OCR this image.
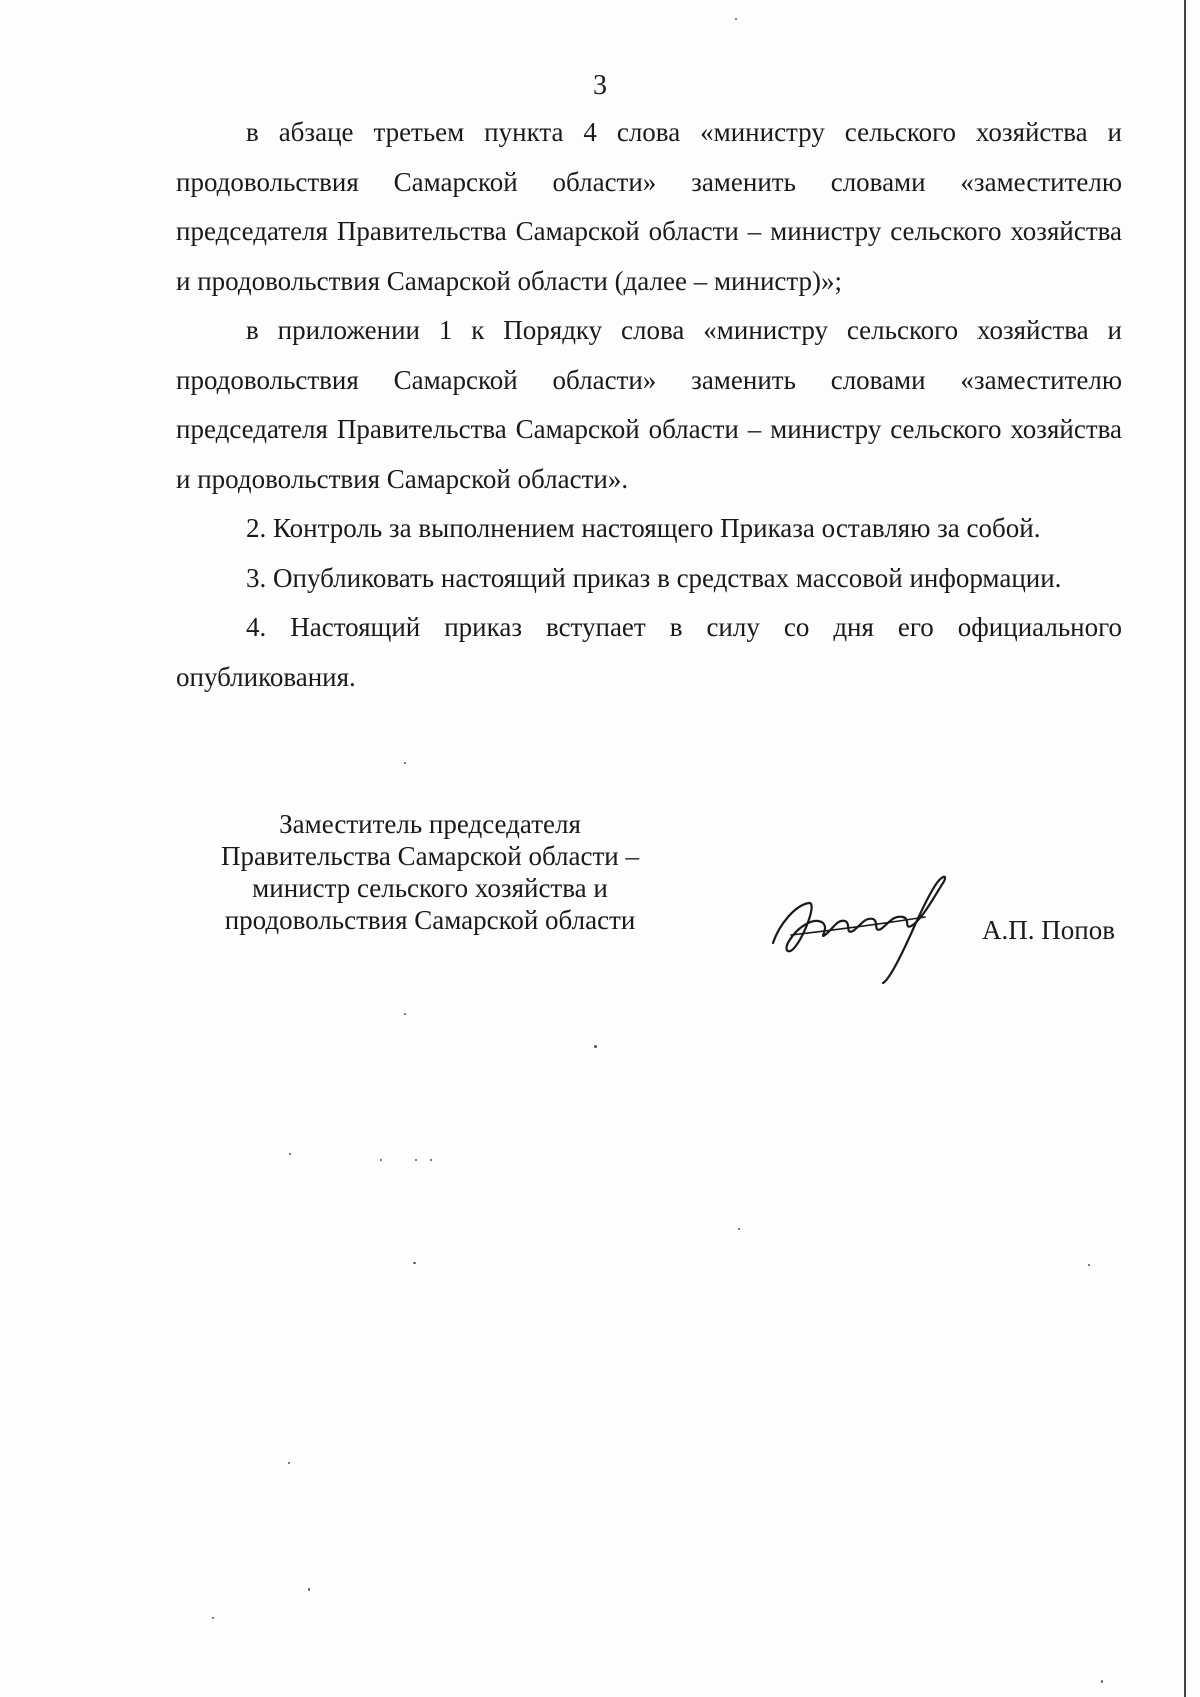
3

в абзаце третьем пункта 4 слова «министру сельского хозяйства и продовольствия Самарской области» заменить словами «заместителю председателя Правительства Самарской области – министру сельского хозяйства и продовольствия Самарской области (далее – министр)»;

в приложении 1 к Порядку слова «министру сельского хозяйства и продовольствия Самарской области» заменить словами «заместителю председателя Правительства Самарской области – министру сельского хозяйства и продовольствия Самарской области».

2. Контроль за выполнением настоящего Приказа оставляю за собой.

3. Опубликовать настоящий приказ в средствах массовой информации.

4. Настоящий приказ вступает в силу со дня его официального опубликования.

Заместитель председателя
Правительства Самарской области –
министр сельского хозяйства и
продовольствия Самарской области	А.П. Попов
